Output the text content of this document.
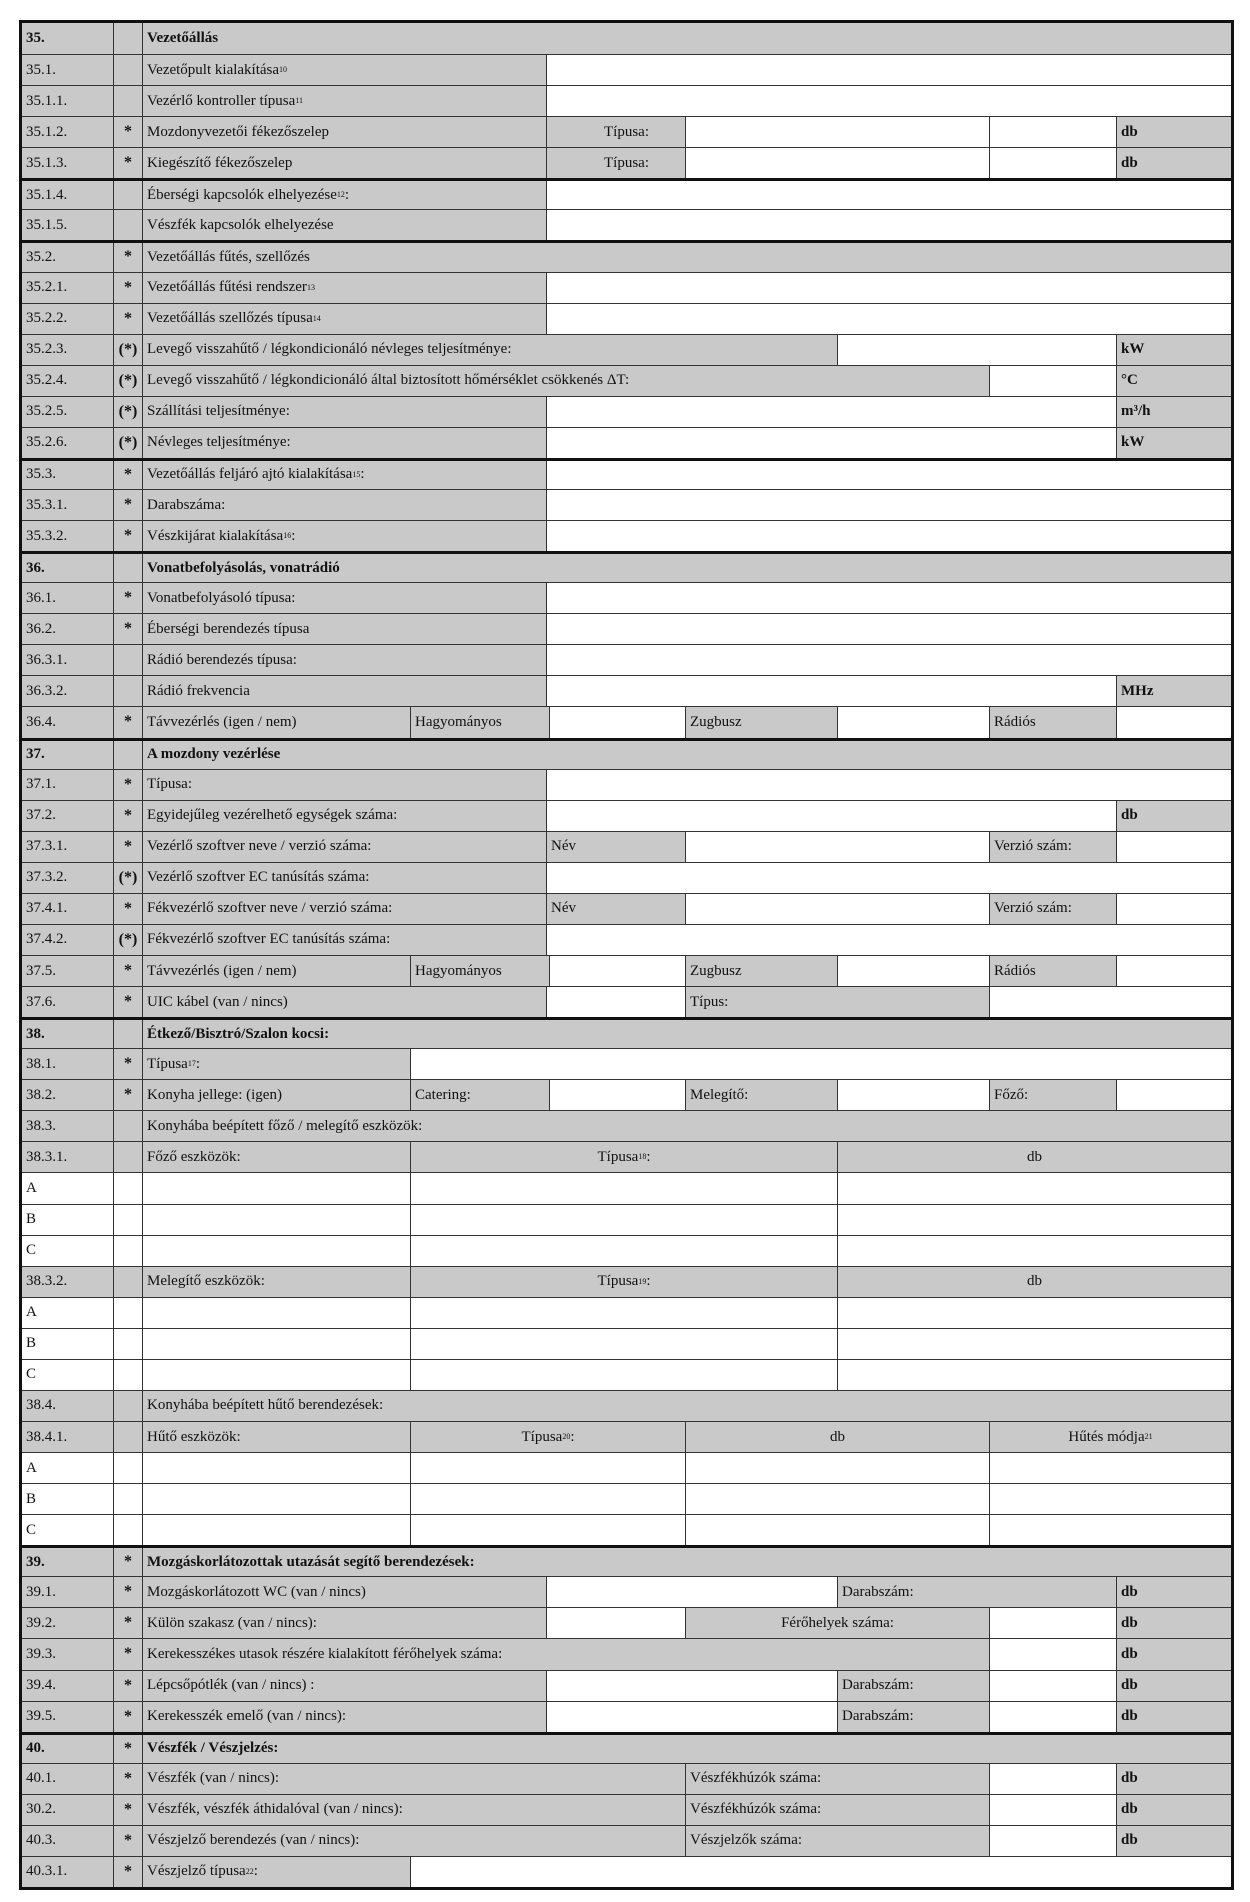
35.	Vezetőállás
35.1.	Vezetőpult kialakítása 10
35.1.1.	Vezérlő kontroller típusa 11
35.1.2.	* Mozdonyvezetői fékezőszelep	Típusa:	db
35.1.3.	* Kiegészítő fékezőszelep	Típusa:	db
35.1.4.	Éberségi kapcsolók elhelyezése 12 :
35.1.5.	Vészfék kapcsolók elhelyezése
35.2.	* Vezetőállás fűtés, szellőzés
35.2.1.	* Vezetőállás fűtési rendszer 13
35.2.2.	* Vezetőállás szellőzés típusa 14
35.2.3.	(*) Levegő visszahűtő / légkondicionáló névleges teljesítménye:	kW
35.2.4.	(*) Levegő visszahűtő / légkondicionáló által biztosított hőmérséklet csökkenés ΔT:	°C
35.2.5.	(*) Szállítási teljesítménye:	m³/h
35.2.6.	(*) Névleges teljesítménye:	kW
35.3.	* Vezetőállás feljáró ajtó kialakítása 15 :
35.3.1.	* Darabszáma:
35.3.2.	* Vészkijárat kialakítása 16 :
36.	Vonatbefolyásolás, vonatrádió
36.1.	* Vonatbefolyásoló típusa:
36.2.	* Éberségi berendezés típusa
36.3.1.	Rádió berendezés típusa:
36.3.2.	Rádió frekvencia	MHz
36.4.	* Távvezérlés (igen / nem)	Hagyományos	Zugbusz	Rádiós
37.	A mozdony vezérlése
37.1.	* Típusa:
37.2.	* Egyidejűleg vezérelhető egységek száma:	db
37.3.1.	* Vezérlő szoftver neve / verzió száma:	Név	Verzió szám:
37.3.2.	(*) Vezérlő szoftver EC tanúsítás száma:
37.4.1.	* Fékvezérlő szoftver neve / verzió száma:	Név	Verzió szám:
37.4.2.	(*) Fékvezérlő szoftver EC tanúsítás száma:
37.5.	* Távvezérlés (igen / nem)	Hagyományos	Zugbusz	Rádiós
37.6.	* UIC kábel (van / nincs)	Típus:
38.	Étkező/Bisztró/Szalon kocsi:
38.1.	* Típusa 17 :
38.2.	* Konyha jellege: (igen)	Catering:	Melegítő:	Főző:
38.3.	Konyhába beépített főző / melegítő eszközök:
38.3.1.	Főző eszközök:	Típusa 18 :	db
A
B
C
38.3.2.	Melegítő eszközök:	Típusa 19 :	db
A
B
C
38.4.	Konyhába beépített hűtő berendezések:
38.4.1.	Hűtő eszközök:	Típusa 20 :	db	Hűtés módja 21
A
B
C
39.	* Mozgáskorlátozottak utazását segítő berendezések:
39.1.	* Mozgáskorlátozott WC (van / nincs)	Darabszám:	db
39.2.	* Külön szakasz (van / nincs):	Férőhelyek száma:	db
39.3.	* Kerekesszékes utasok részére kialakított férőhelyek száma:	db
39.4.	* Lépcsőpótlék (van / nincs) :	Darabszám:	db
39.5.	* Kerekesszék emelő (van / nincs):	Darabszám:	db
40.	* Vészfék / Vészjelzés:
40.1.	* Vészfék (van / nincs):	Vészfékhúzók száma:	db
30.2.	* Vészfék, vészfék áthidalóval (van / nincs):	Vészfékhúzók száma:	db
40.3.	* Vészjelző berendezés (van / nincs):	Vészjelzők száma:	db
40.3.1.	* Vészjelző típusa 22 :
